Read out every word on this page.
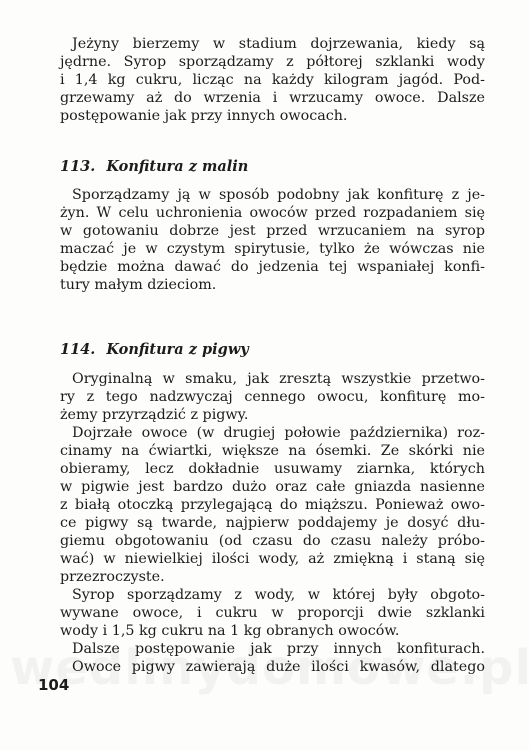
Jeżyny bierzemy w stadium dojrzewania, kiedy są
jędrne. Syrop sporządzamy z półtorej szklanki wody
i 1,4 kg cukru, licząc na każdy kilogram jagód. Pod-
grzewamy aż do wrzenia i wrzucamy owoce. Dalsze
postępowanie jak przy innych owocach.
113. Konfitura z malin
Sporządzamy ją w sposób podobny jak konfiturę z je-
żyn. W celu uchronienia owoców przed rozpadaniem się
w gotowaniu dobrze jest przed wrzucaniem na syrop
maczać je w czystym spirytusie, tylko że wówczas nie
będzie można dawać do jedzenia tej wspaniałej konfi-
tury małym dzieciom.
114. Konfitura z pigwy
Oryginalną w smaku, jak zresztą wszystkie przetwo-
ry z tego nadzwyczaj cennego owocu, konfiturę mo-
żemy przyrządzić z pigwy.
Dojrzałe owoce (w drugiej połowie października) roz-
cinamy na ćwiartki, większe na ósemki. Ze skórki nie
obieramy, lecz dokładnie usuwamy ziarnka, których
w pigwie jest bardzo dużo oraz całe gniazda nasienne
z białą otoczką przylegającą do miąższu. Ponieważ owo-
ce pigwy są twarde, najpierw poddajemy je dosyć dłu-
giemu obgotowaniu (od czasu do czasu należy próbo-
wać) w niewielkiej ilości wody, aż zmiękną i staną się
przezroczyste.
Syrop sporządzamy z wody, w której były obgoto-
wywane owoce, i cukru w proporcji dwie szklanki
wody i 1,5 kg cukru na 1 kg obranych owoców.
Dalsze postępowanie jak przy innych konfiturach.
Owoce pigwy zawierają duże ilości kwasów, dlatego
104
